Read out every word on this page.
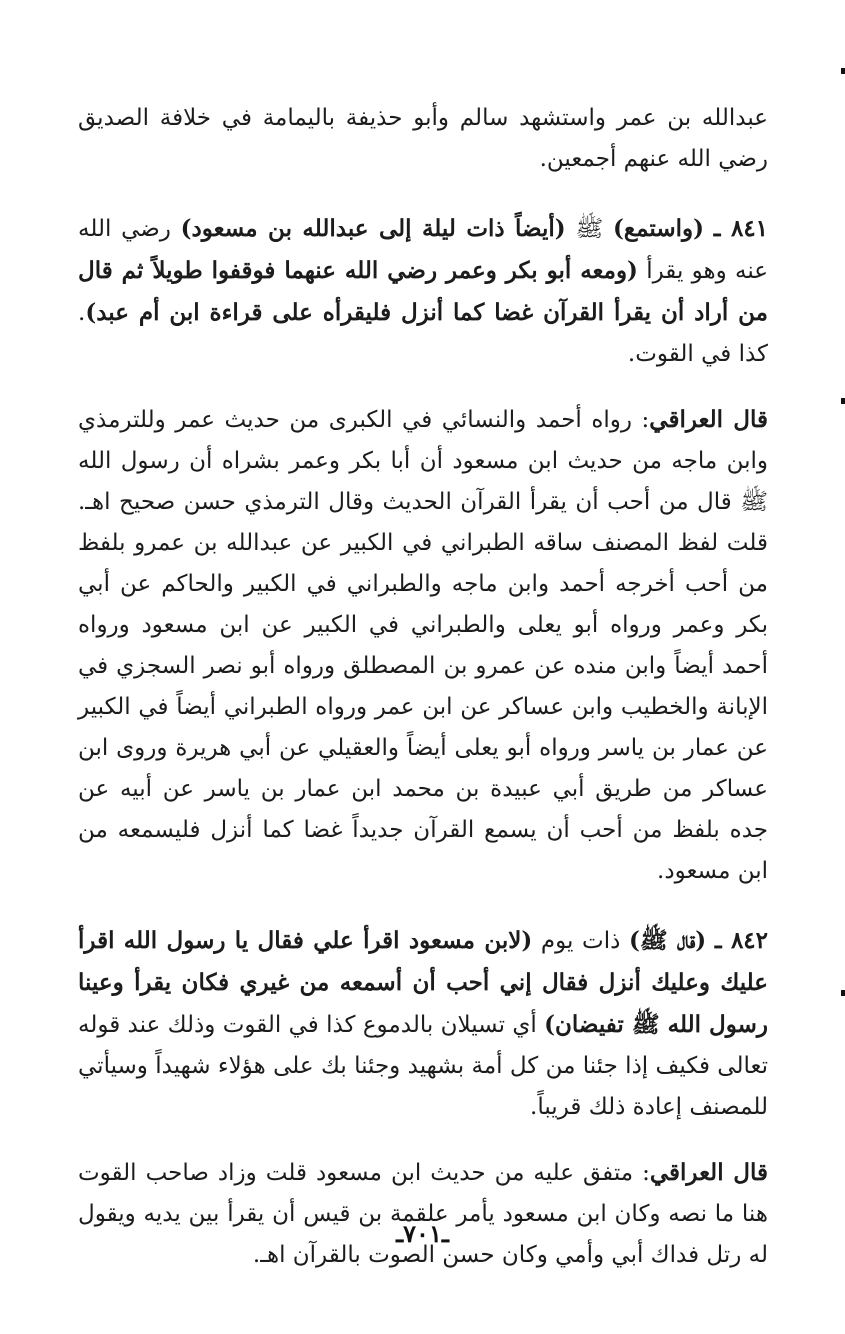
عبدالله بن عمر واستشهد سالم وأبو حذيفة باليمامة في خلافة الصديق رضي الله عنهم أجمعين.

٨٤١ ـ (واستمع) ﷺ (أيضاً ذات ليلة إلى عبدالله بن مسعود) رضي الله عنه وهو يقرأ (ومعه أبو بكر وعمر رضي الله عنهما فوقفوا طويلاً ثم قال من أراد أن يقرأ القرآن غضا كما أنزل فليقرأه على قراءة ابن أم عبد). كذا في القوت.

قال العراقي: رواه أحمد والنسائي في الكبرى من حديث عمر وللترمذي وابن ماجه من حديث ابن مسعود أن أبا بكر وعمر بشراه أن رسول الله ﷺ قال من أحب أن يقرأ القرآن الحديث وقال الترمذي حسن صحيح اهـ. قلت لفظ المصنف ساقه الطبراني في الكبير عن عبدالله بن عمرو بلفظ من أحب أخرجه أحمد وابن ماجه والطبراني في الكبير والحاكم عن أبي بكر وعمر ورواه أبو يعلى والطبراني في الكبير عن ابن مسعود ورواه أحمد أيضاً وابن منده عن عمرو بن المصطلق ورواه أبو نصر السجزي في الإبانة والخطيب وابن عساكر عن ابن عمر ورواه الطبراني أيضاً في الكبير عن عمار بن ياسر ورواه أبو يعلى أيضاً والعقيلي عن أبي هريرة وروى ابن عساكر من طريق أبي عبيدة بن محمد ابن عمار بن ياسر عن أبيه عن جده بلفظ من أحب أن يسمع القرآن جديداً غضا كما أنزل فليسمعه من ابن مسعود.

٨٤٢ ـ (قال ﷺ) ذات يوم (لابن مسعود اقرأ علي فقال يا رسول الله اقرأ عليك وعليك أنزل فقال إني أحب أن أسمعه من غيري فكان يقرأ وعينا رسول الله ﷺ تفيضان) أي تسيلان بالدموع كذا في القوت وذلك عند قوله تعالى فكيف إذا جئنا من كل أمة بشهيد وجئنا بك على هؤلاء شهيداً وسيأتي للمصنف إعادة ذلك قريباً.

قال العراقي: متفق عليه من حديث ابن مسعود قلت وزاد صاحب القوت هنا ما نصه وكان ابن مسعود يأمر علقمة بن قيس أن يقرأ بين يديه ويقول له رتل فداك أبي وأمي وكان حسن الصوت بالقرآن اهـ.

ـ٧٠١ـ
